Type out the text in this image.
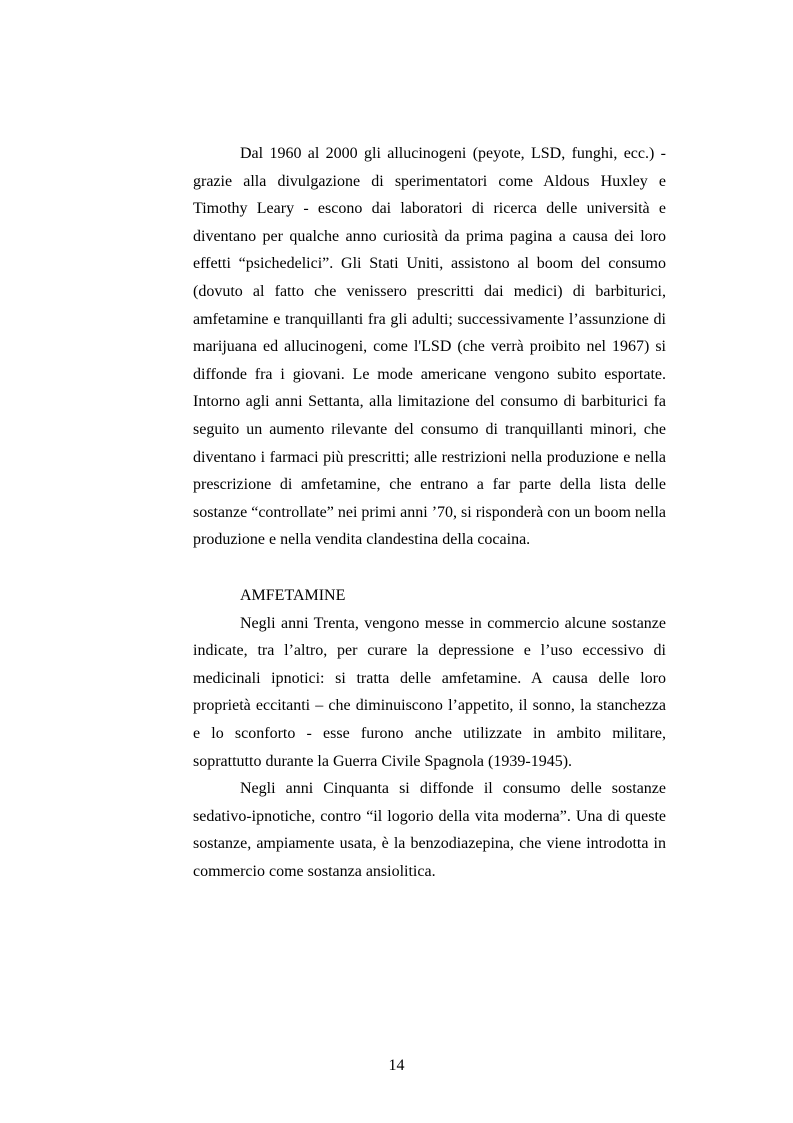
Dal 1960 al 2000 gli allucinogeni (peyote, LSD, funghi, ecc.) - grazie alla divulgazione di sperimentatori come Aldous Huxley e Timothy Leary - escono dai laboratori di ricerca delle università e diventano per qualche anno curiosità da prima pagina a causa dei loro effetti “psichedelici”. Gli Stati Uniti, assistono al boom del consumo (dovuto al fatto che venissero prescritti dai medici) di barbiturici, amfetamine e tranquillanti fra gli adulti; successivamente l’assunzione di marijuana ed allucinogeni, come l'LSD (che verrà proibito nel 1967) si diffonde fra i giovani. Le mode americane vengono subito esportate. Intorno agli anni Settanta, alla limitazione del consumo di barbiturici fa seguito un aumento rilevante del consumo di tranquillanti minori, che diventano i farmaci più prescritti; alle restrizioni nella produzione e nella prescrizione di amfetamine, che entrano a far parte della lista delle sostanze “controllate” nei primi anni ’70, si risponderà con un boom nella produzione e nella vendita clandestina della cocaina.

AMFETAMINE

Negli anni Trenta, vengono messe in commercio alcune sostanze indicate, tra l’altro, per curare la depressione e l’uso eccessivo di medicinali ipnotici: si tratta delle amfetamine. A causa delle loro proprietà eccitanti – che diminuiscono l’appetito, il sonno, la stanchezza e lo sconforto - esse furono anche utilizzate in ambito militare, soprattutto durante la Guerra Civile Spagnola (1939-1945).

Negli anni Cinquanta si diffonde il consumo delle sostanze sedativo-ipnotiche, contro “il logorio della vita moderna”. Una di queste sostanze, ampiamente usata, è la benzodiazepina, che viene introdotta in commercio come sostanza ansiolitica.

14
